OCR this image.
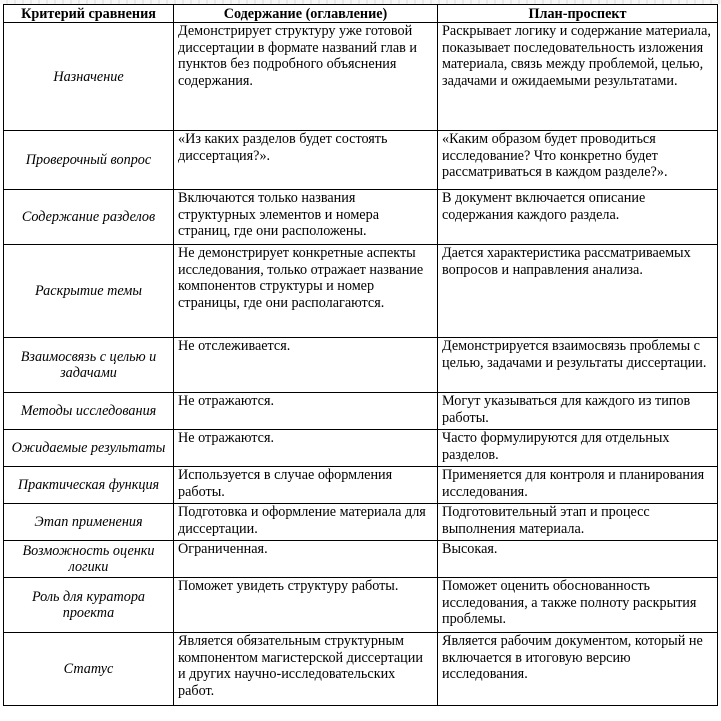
Критерий сравнения	Содержание (оглавление)	План-проспект
Назначение	Демонстрирует структуру уже готовой диссертации в формате названий глав и пунктов без подробного объяснения содержания.	Раскрывает логику и содержание материала, показывает последовательность изложения материала, связь между проблемой, целью, задачами и ожидаемыми результатами.
Проверочный вопрос	«Из каких разделов будет состоять диссертация?».	«Каким образом будет проводиться исследование? Что конкретно будет рассматриваться в каждом разделе?».
Содержание разделов	Включаются только названия структурных элементов и номера страниц, где они расположены.	В документ включается описание содержания каждого раздела.
Раскрытие темы	Не демонстрирует конкретные аспекты исследования, только отражает название компонентов структуры и номер страницы, где они располагаются.	Дается характеристика рассматриваемых вопросов и направления анализа.
Взаимосвязь с целью и задачами	Не отслеживается.	Демонстрируется взаимосвязь проблемы с целью, задачами и результаты диссертации.
Методы исследования	Не отражаются.	Могут указываться для каждого из типов работы.
Ожидаемые результаты	Не отражаются.	Часто формулируются для отдельных разделов.
Практическая функция	Используется в случае оформления работы.	Применяется для контроля и планирования исследования.
Этап применения	Подготовка и оформление материала для диссертации.	Подготовительный этап и процесс выполнения материала.
Возможность оценки логики	Ограниченная.	Высокая.
Роль для куратора проекта	Поможет увидеть структуру работы.	Поможет оценить обоснованность исследования, а также полноту раскрытия проблемы.
Статус	Является обязательным структурным компонентом магистерской диссертации и других научно-исследовательских работ.	Является рабочим документом, который не включается в итоговую версию исследования.
